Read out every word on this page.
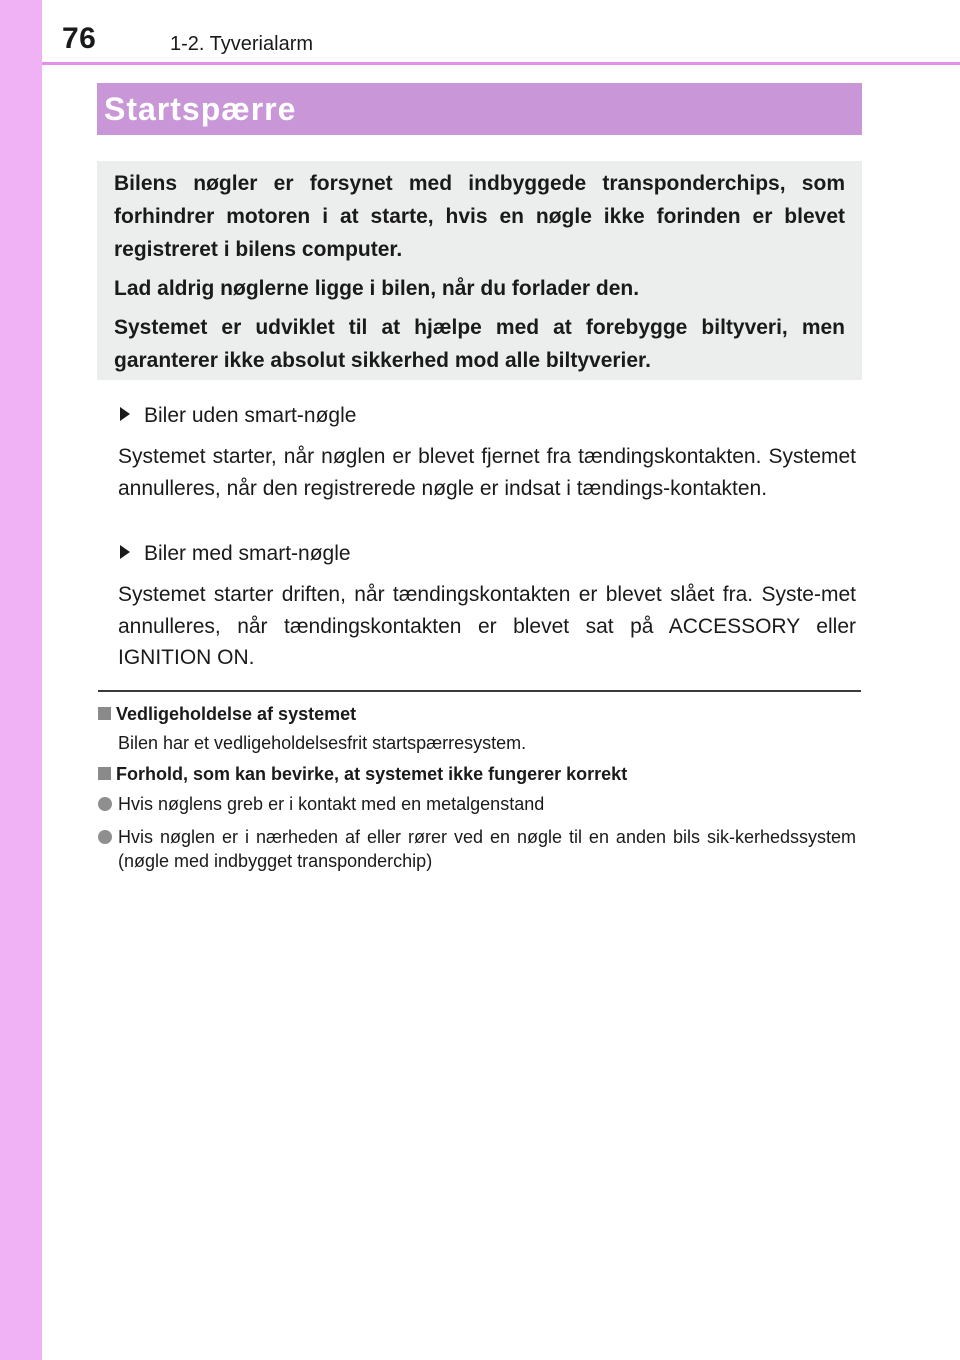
76	1-2. Tyverialarm
Startspærre

Bilens nøgler er forsynet med indbyggede transponderchips, som forhindrer motoren i at starte, hvis en nøgle ikke forinden er blevet registreret i bilens computer.

Lad aldrig nøglerne ligge i bilen, når du forlader den.

Systemet er udviklet til at hjælpe med at forebygge biltyveri, men garanterer ikke absolut sikkerhed mod alle biltyverier.

Biler uden smart-nøgle

Systemet starter, når nøglen er blevet fjernet fra tændingskontakten. Systemet annulleres, når den registrerede nøgle er indsat i tændings-kontakten.

Biler med smart-nøgle

Systemet starter driften, når tændingskontakten er blevet slået fra. Syste-met annulleres, når tændingskontakten er blevet sat på ACCESSORY eller IGNITION ON.

Vedligeholdelse af systemet

Bilen har et vedligeholdelsesfrit startspærresystem.

Forhold, som kan bevirke, at systemet ikke fungerer korrekt
Hvis nøglens greb er i kontakt med en metalgenstand
Hvis nøglen er i nærheden af eller rører ved en nøgle til en anden bils sik-kerhedssystem (nøgle med indbygget transponderchip)
